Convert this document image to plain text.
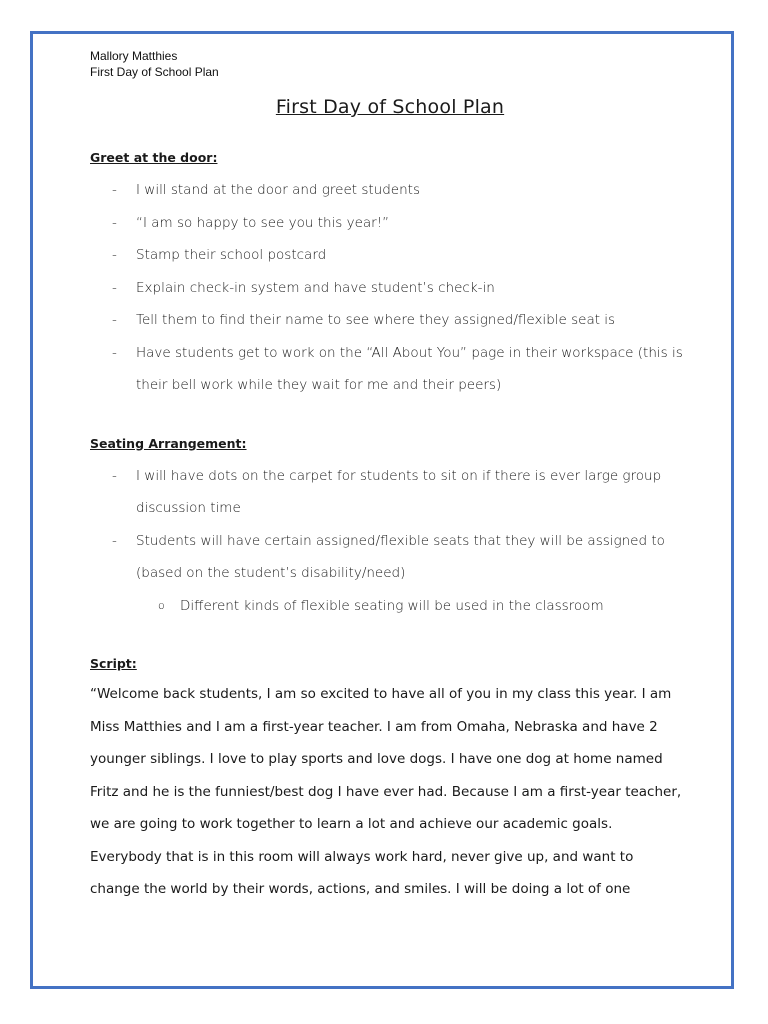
Mallory Matthies
First Day of School Plan
First Day of School Plan
Greet at the door:
- I will stand at the door and greet students
- “I am so happy to see you this year!”
- Stamp their school postcard
- Explain check-in system and have student’s check-in
- Tell them to find their name to see where they assigned/flexible seat is
- Have students get to work on the “All About You” page in their workspace (this is their bell work while they wait for me and their peers)
Seating Arrangement:
- I will have dots on the carpet for students to sit on if there is ever large group discussion time
- Students will have certain assigned/flexible seats that they will be assigned to (based on the student’s disability/need)
o Different kinds of flexible seating will be used in the classroom
Script:
“Welcome back students, I am so excited to have all of you in my class this year. I am Miss Matthies and I am a first-year teacher. I am from Omaha, Nebraska and have 2 younger siblings. I love to play sports and love dogs. I have one dog at home named Fritz and he is the funniest/best dog I have ever had. Because I am a first-year teacher, we are going to work together to learn a lot and achieve our academic goals. Everybody that is in this room will always work hard, never give up, and want to change the world by their words, actions, and smiles. I will be doing a lot of one
